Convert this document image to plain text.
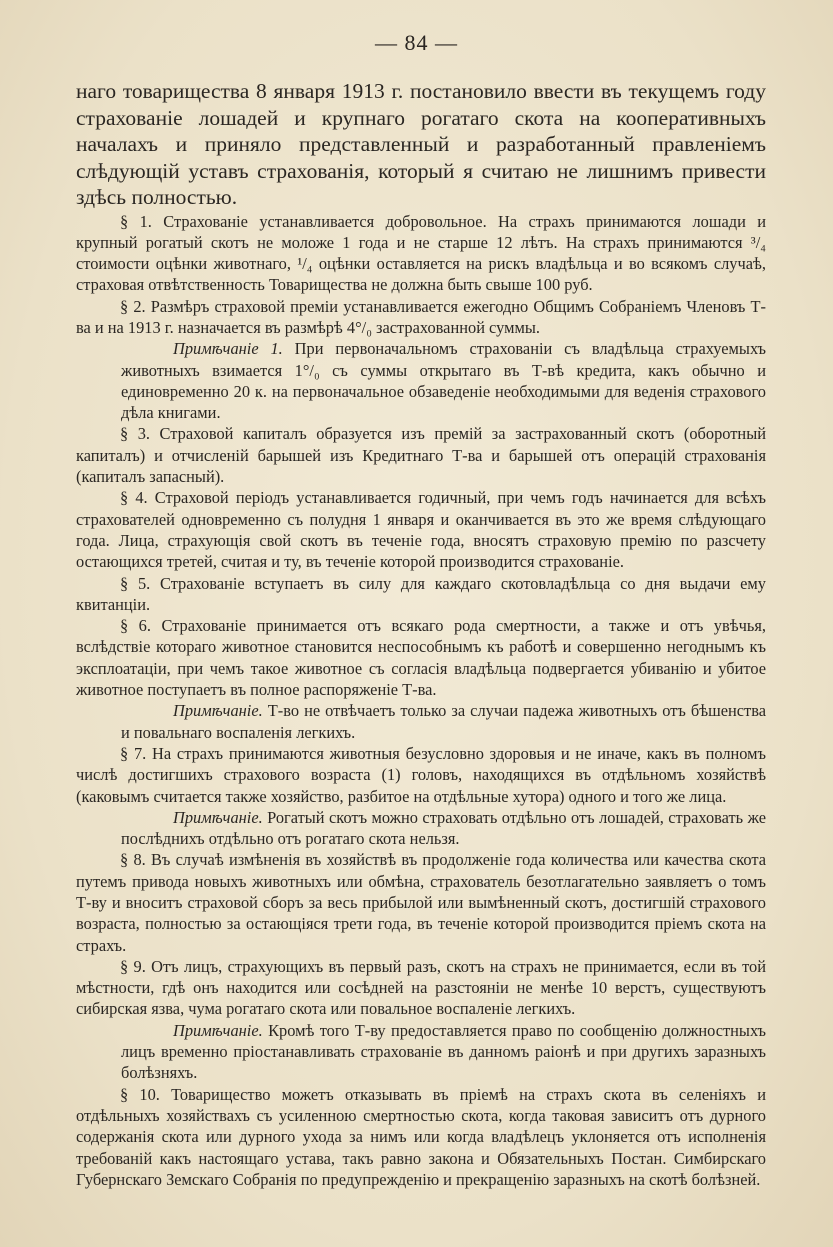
— 84 —

наго товарищества 8 января 1913 г. постановило ввести въ текущемъ году страхованіе лошадей и крупнаго рогатаго скота на кооперативныхъ началахъ и приняло представленный и разработанный правленіемъ слѣдующій уставъ страхованія, который я считаю не лишнимъ привести здѣсь полностью.

§ 1. Страхованіе устанавливается добровольное. На страхъ принимаются лошади и крупный рогатый скотъ не моложе 1 года и не старше 12 лѣтъ. На страхъ принимаются ³/₄ стоимости оцѣнки животнаго, ¹/₄ оцѣнки оставляется на рискъ владѣльца и во всякомъ случаѣ, страховая отвѣтственность Товарищества не должна быть свыше 100 руб.

§ 2. Размѣръ страховой преміи устанавливается ежегодно Общимъ Собраніемъ Членовъ Т-ва и на 1913 г. назначается въ размѣрѣ 4°/₀ застрахованной суммы.

Примѣчаніе 1. При первоначальномъ страхованіи съ владѣльца страхуемыхъ животныхъ взимается 1°/₀ съ суммы открытаго въ Т-вѣ кредита, какъ обычно и единовременно 20 к. на первоначальное обзаведеніе необходимыми для веденія страхового дѣла книгами.

§ 3. Страховой капиталъ образуется изъ премій за застрахованный скотъ (оборотный капиталъ) и отчисленій барышей изъ Кредитнаго Т-ва и барышей отъ операцій страхованія (капиталъ запасный).

§ 4. Страховой періодъ устанавливается годичный, при чемъ годъ начинается для всѣхъ страхователей одновременно съ полудня 1 января и оканчивается въ это же время слѣдующаго года. Лица, страхующія свой скотъ въ теченіе года, вносятъ страховую премію по разсчету остающихся третей, считая и ту, въ теченіе которой производится страхованіе.

§ 5. Страхованіе вступаетъ въ силу для каждаго скотовладѣльца со дня выдачи ему квитанціи.

§ 6. Страхованіе принимается отъ всякаго рода смертности, а также и отъ увѣчья, вслѣдствіе котораго животное становится неспособнымъ къ работѣ и совершенно негоднымъ къ эксплоатаціи, при чемъ такое животное съ согласія владѣльца подвергается убиванію и убитое животное поступаетъ въ полное распоряженіе Т-ва.

Примѣчаніе. Т-во не отвѣчаетъ только за случаи падежа животныхъ отъ бѣшенства и повальнаго воспаленія легкихъ.

§ 7. На страхъ принимаются животныя безусловно здоровыя и не иначе, какъ въ полномъ числѣ достигшихъ страхового возраста (1) головъ, находящихся въ отдѣльномъ хозяйствѣ (каковымъ считается также хозяйство, разбитое на отдѣльные хутора) одного и того же лица.

Примѣчаніе. Рогатый скотъ можно страховать отдѣльно отъ лошадей, страховать же послѣднихъ отдѣльно отъ рогатаго скота нельзя.

§ 8. Въ случаѣ измѣненія въ хозяйствѣ въ продолженіе года количества или качества скота путемъ привода новыхъ животныхъ или обмѣна, страхователь безотлагательно заявляетъ о томъ Т-ву и вноситъ страховой сборъ за весь прибылой или вымѣненный скотъ, достигшій страхового возраста, полностью за остающіяся трети года, въ теченіе которой производится пріемъ скота на страхъ.

§ 9. Отъ лицъ, страхующихъ въ первый разъ, скотъ на страхъ не принимается, если въ той мѣстности, гдѣ онъ находится или сосѣдней на разстояніи не менѣе 10 верстъ, существуютъ сибирская язва, чума рогатаго скота или повальное воспаленіе легкихъ.

Примѣчаніе. Кромѣ того Т-ву предоставляется право по сообщенію должностныхъ лицъ временно пріостанавливать страхованіе въ данномъ раіонѣ и при другихъ заразныхъ болѣзняхъ.

§ 10. Товарищество можетъ отказывать въ пріемѣ на страхъ скота въ селеніяхъ и отдѣльныхъ хозяйствахъ съ усиленною смертностью скота, когда таковая зависитъ отъ дурного содержанія скота или дурного ухода за нимъ или когда владѣлецъ уклоняется отъ исполненія требованій какъ настоящаго устава, такъ равно закона и Обязательныхъ Постан. Симбирскаго Губернскаго Земскаго Собранія по предупрежденію и прекращенію заразныхъ на скотѣ болѣзней.
